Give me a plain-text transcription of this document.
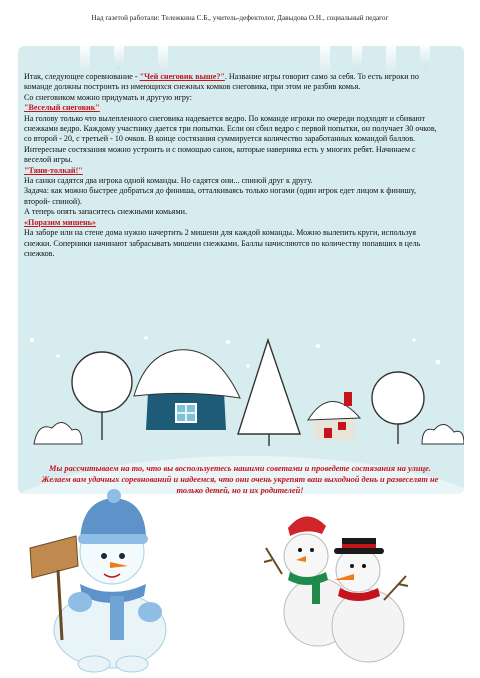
Над газетой работали: Тележкина С.Б., учитель-дефектолог, Давыдова О.Н., социальный педагог

Итак, следующее соревнование - "Чей снеговик выше?". Название игры говорит само за себя. То есть игроки по команде должны построить из имеющихся снежных комков снеговика, при этом не разбив комья.

Со снеговиком можно придумать и другую игру:

"Веселый снеговик"

На голову только что вылепленного снеговика надевается ведро. По команде игроки по очереди подходят и сбивают снежками ведро. Каждому участнику дается три попытки. Если он сбил ведро с первой попытки, он получает 30 очков, со второй - 20, с третьей - 10 очков. В конце состязания суммируется количество заработанных командой баллов.

Интересные состязания можно устроить и с помощью санок, которые наверняка есть у многих ребят. Начинаем с веселой игры.

"Тяни-толкай!"

На санки садятся два игрока одной команды. Но садятся они... спиной друг к другу.

Задача: как можно быстрее добраться до финиша, отталкиваясь только ногами (один игрок едет лицом к финишу, второй- спиной).

А теперь опять запаситесь снежными комьями.

«Поразим мишень»

На заборе или на стене дома нужно начертить 2 мишени для каждой команды. Можно вылепить круги, используя снежки. Соперники начинают забрасывать мишени снежками. Баллы начисляются по количеству попавших в цель снежков.

Мы рассчитываем на то, что вы воспользуетесь нашими советами и проведете состязания на улице. Желаем вам удачных соревнований и надеемся, что они очень укрепят ваш выходной день и развеселят не только детей, но и их родителей!
